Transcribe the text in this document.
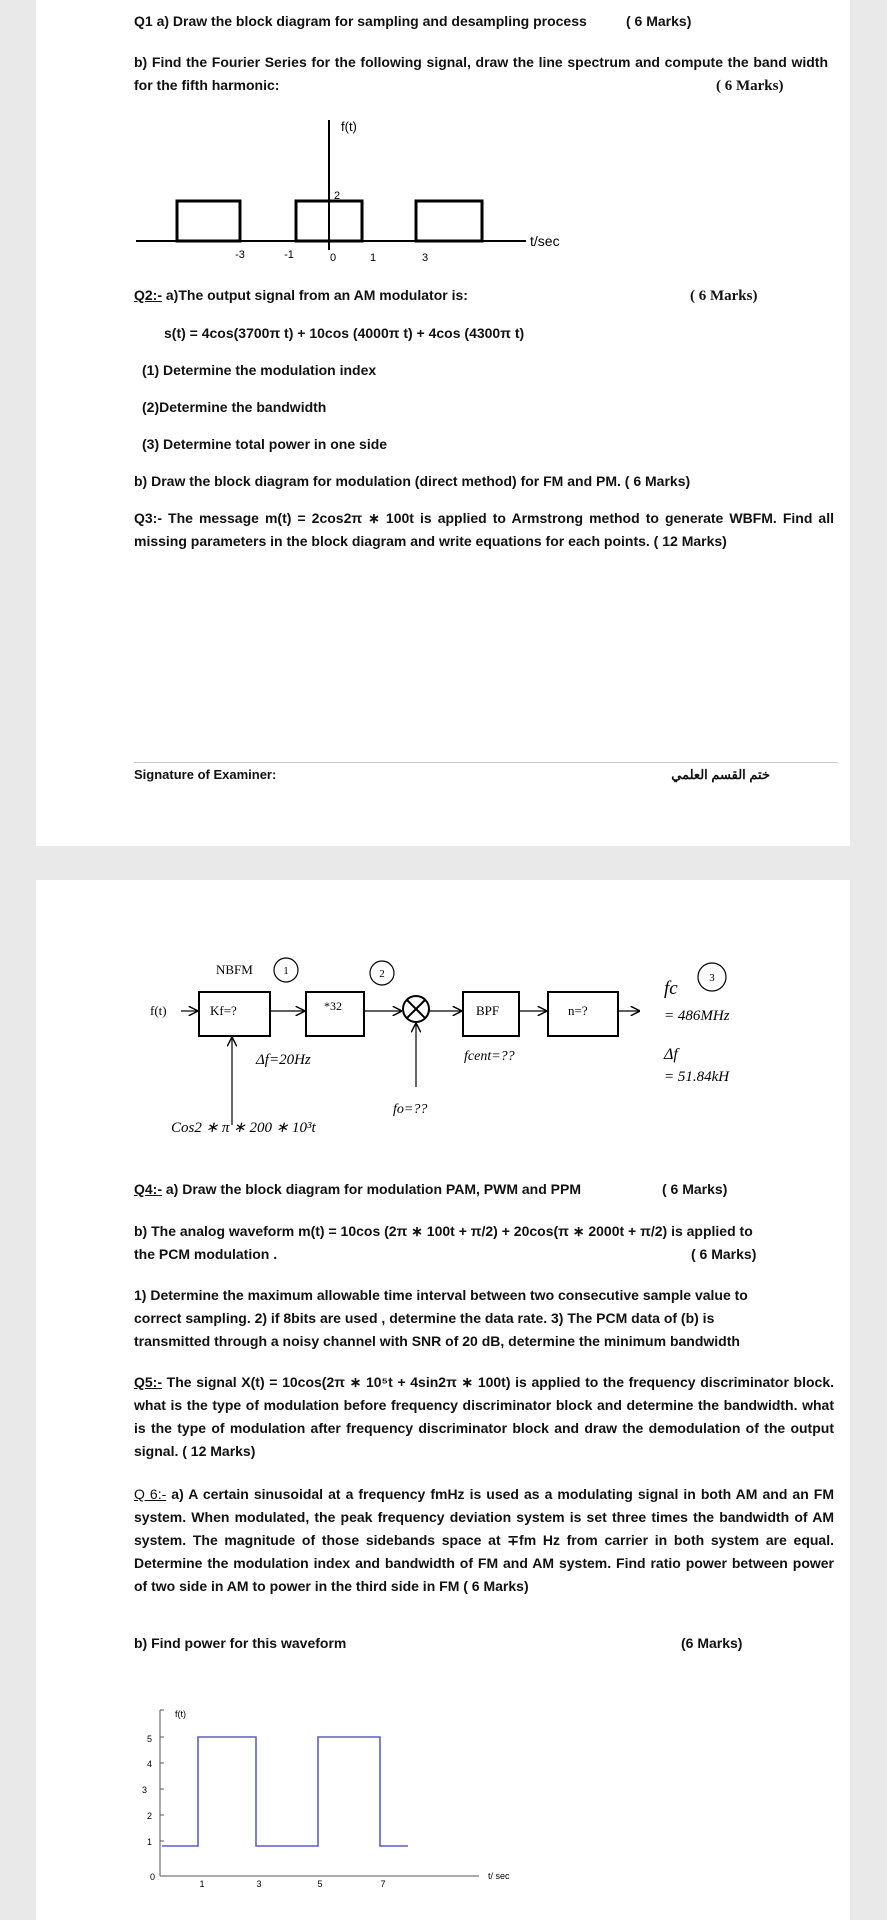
Q1 a) Draw the block diagram for sampling and desampling process	( 6 Marks)
b) Find the Fourier Series for the following signal, draw the line spectrum and compute the band width for the fifth harmonic:	( 6 Marks)
f(t)
2
t/sec
-3	-1	0	1	3
Q2:- a)The output signal from an AM modulator is:	( 6 Marks)
s(t) = 4cos(3700π t) + 10cos (4000π t) + 4cos (4300π t)
(1) Determine the modulation index
(2)Determine the bandwidth
(3) Determine total power in one side
b) Draw the block diagram for modulation (direct method) for FM and PM. ( 6 Marks)
Q3:- The message m(t) = 2cos2π ∗ 100t is applied to Armstrong method to generate WBFM. Find all missing parameters in the block diagram and write equations for each points. ( 12 Marks)
Signature of Examiner:	ختم القسم العلمي
1	2	3
NBFM
f(t)	Kf=?	*32	BPF	n=?
Δf=20Hz	fcent=??
fo=??
Cos2 ∗ π ∗ 200 ∗ 10³t
fc
= 486MHz
Δf
= 51.84kH
Q4:- a) Draw the block diagram for modulation PAM, PWM and PPM	( 6 Marks)
b) The analog waveform m(t) = 10cos (2π ∗ 100t + π/2) + 20cos(π ∗ 2000t + π/2) is applied to
the PCM modulation .	( 6 Marks)
1) Determine the maximum allowable time interval between two consecutive sample value to correct sampling. 2) if 8bits are used , determine the data rate. 3) The PCM data of (b) is transmitted through a noisy channel with SNR of 20 dB, determine the minimum bandwidth
Q5:- The signal X(t) = 10cos(2π ∗ 10⁵t + 4sin2π ∗ 100t) is applied to the frequency discriminator block. what is the type of modulation before frequency discriminator block and determine the bandwidth. what is the type of modulation after frequency discriminator block and draw the demodulation of the output signal. ( 12 Marks)
Q 6:- a) A certain sinusoidal at a frequency fmHz is used as a modulating signal in both AM and an FM system. When modulated, the peak frequency deviation system is set three times the bandwidth of AM system. The magnitude of those sidebands space at ∓fm Hz from carrier in both system are equal. Determine the modulation index and bandwidth of FM and AM system. Find ratio power between power of two side in AM to power in the third side in FM ( 6 Marks)
b) Find power for this waveform	(6 Marks)
f(t)
5
4
3
2
1
0
1	3	5	7
t/ sec
